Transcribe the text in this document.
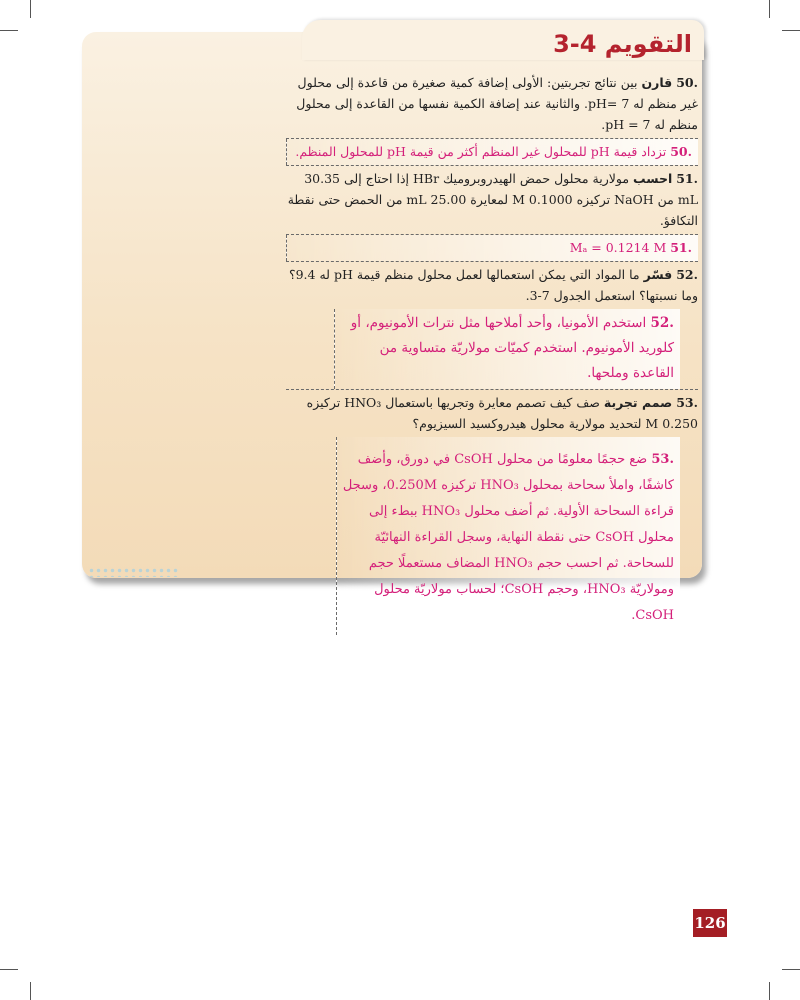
التقويم 4-3
.50 قارن بين نتائج تجربتين: الأولى إضافة كمية صغيرة من قاعدة إلى محلول غير منظم له pH= 7. والثانية عند إضافة الكمية نفسها من القاعدة إلى محلول منظم له pH = 7.
.50 تزداد قيمة pH للمحلول غير المنظم أكثر من قيمة pH للمحلول المنظم.
.51 احسب مولارية محلول حمض الهيدروبروميك HBr إذا احتاج إلى 30.35 mL من NaOH تركيزه 0.1000 M لمعايرة 25.00 mL من الحمض حتى نقطة التكافؤ.
.51 Mₐ = 0.1214 M
.52 فسّر ما المواد التي يمكن استعمالها لعمل محلول منظم قيمة pH له 9.4؟ وما نسبتها؟ استعمل الجدول 7-3.
.52 استخدم الأمونيا، وأحد أملاحها مثل نترات الأمونيوم، أو كلوريد الأمونيوم. استخدم كميّات مولاريّة متساوية من القاعدة وملحها.
.53 صمم تجربة صف كيف تصمم معايرة وتجريها باستعمال HNO₃ تركيزه 0.250 M لتحديد مولارية محلول هيدروكسيد السيزيوم؟
.53 ضع حجمًا معلومًا من محلول CsOH في دورق، وأضف كاشفًا، واملأ سحاحة بمحلول HNO₃ تركيزه 0.250M، وسجل قراءة السحاحة الأولية. ثم أضف محلول HNO₃ ببطء إلى محلول CsOH حتى نقطة النهاية، وسجل القراءة النهائيّة للسحاحة. ثم احسب حجم HNO₃ المضاف مستعملًا حجم ومولاريّة HNO₃، وحجم CsOH؛ لحساب مولاريّة محلول CsOH.
126
